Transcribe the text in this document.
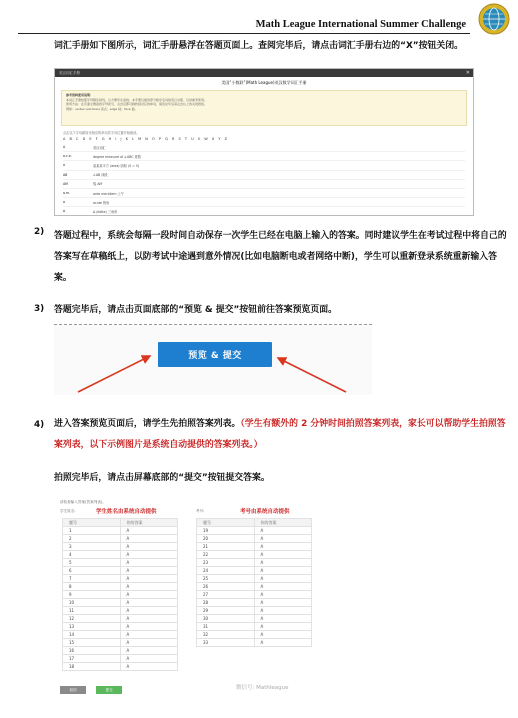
Math League International Summer Challenge
词汇手册如下图所示，词汇手册悬浮在答题页面上。查阅完毕后，请点击词汇手册右边的“X”按钮关闭。
英汉词汇手册	✕
美国“小数联”(Math League)英汉数学词汇手册
参考资料使用说明：
本词汇手册按照字母顺序排列，以方便学生查找；本手册仅提供部分数学名词的英汉对照，仅供参考使用。
使用方法：在页面左侧查找字母索引，点击后即可跳转到对应的单词，阅读完毕后请点击右上角关闭按钮。
例如：vertex (vertices) 顶点；edge 棱；face 面。
点击以下字母跳转至相应的单词首字母位置开始阅读。
A B C D E F G H I J K L M N O P Q R S T U V W X Y Z
A	英汉词汇
a.c.e.	degree measure of ∠ABC 度数
a	某某某平方 (area) 面积 (S = 5)
AB	∠AB 线段
AM	弧 AM
a.m.	ante meridiem 上午
a	acute 锐角
Δ	Δ (delta) 三角形
2) 答题过程中，系统会每隔一段时间自动保存一次学生已经在电脑上输入的答案。同时建议学生在考试过程中将自己的答案写在草稿纸上，以防考试中途遇到意外情况(比如电脑断电或者网络中断)，学生可以重新登录系统重新输入答案。
3) 答题完毕后，请点击页面底部的“预览 & 提交”按钮前往答案预览页面。
预览 & 提交
4) 进入答案预览页面后，请学生先拍照答案列表。（学生有额外的 2 分钟时间拍照答案列表，家长可以帮助学生拍照答案列表，以下示例图片是系统自动提供的答案列表。）
拍照完毕后，请点击屏幕底部的“提交”按钮提交答案。
请检查输入答案(答案列表)。
学生姓名:	学生姓名由系统自动提供	考号:	考号由系统自动提供
题号	你的答案
1	A
2	A
3	A
4	A
5	A
6	A
7	A
8	A
9	A
10	A
11	A
12	A
13	A
14	A
15	A
16	A
17	A
18	A
题号	你的答案
19	A
20	A
21	A
22	A
23	A
24	A
25	A
26	A
27	A
28	A
29	A
30	A
31	A
32	A
33	A
返回	提交	微信号: Mathleague
